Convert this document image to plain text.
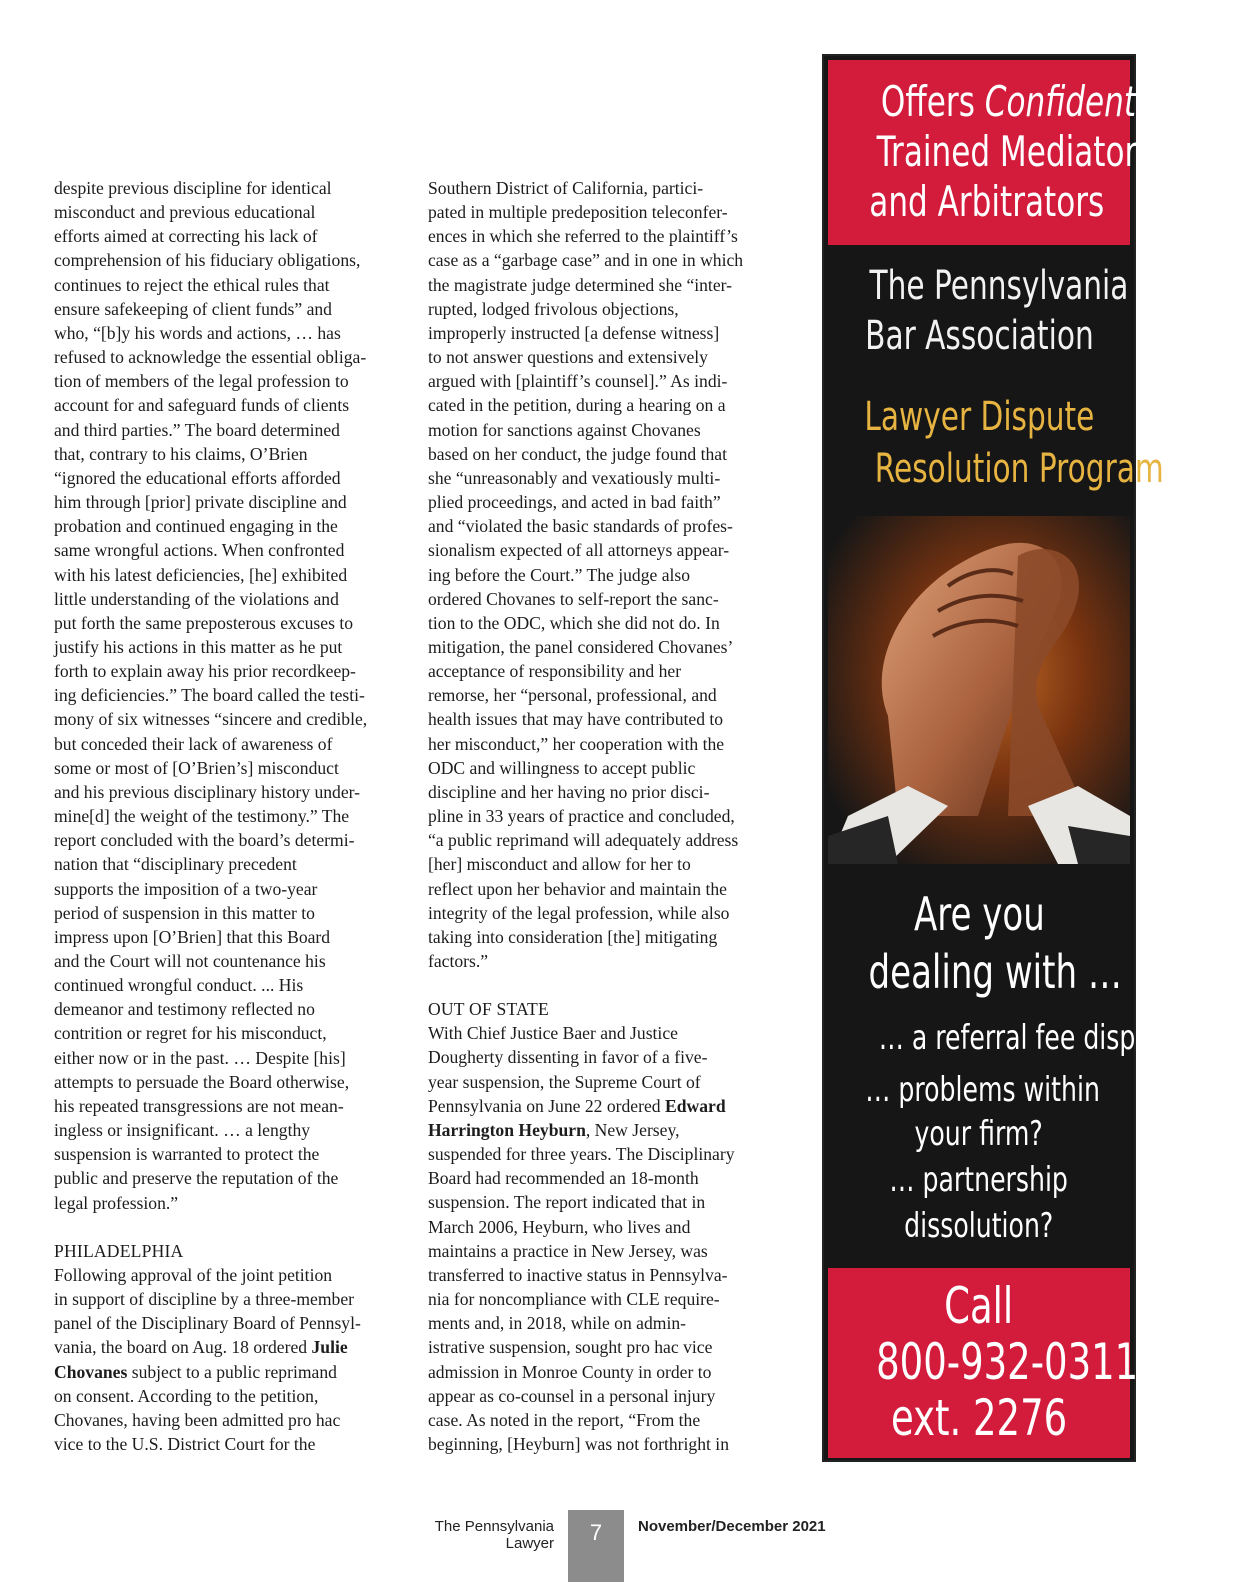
despite previous discipline for identical
misconduct and previous educational
efforts aimed at correcting his lack of
comprehension of his fiduciary obligations,
continues to reject the ethical rules that
ensure safekeeping of client funds” and
who, “[b]y his words and actions, … has
refused to acknowledge the essential obliga-
tion of members of the legal profession to
account for and safeguard funds of clients
and third parties.” The board determined
that, contrary to his claims, O’Brien
“ignored the educational efforts afforded
him through [prior] private discipline and
probation and continued engaging in the
same wrongful actions. When confronted
with his latest deficiencies, [he] exhibited
little understanding of the violations and
put forth the same preposterous excuses to
justify his actions in this matter as he put
forth to explain away his prior recordkeep-
ing deficiencies.” The board called the testi-
mony of six witnesses “sincere and credible,
but conceded their lack of awareness of
some or most of [O’Brien’s] misconduct
and his previous disciplinary history under-
mine[d] the weight of the testimony.” The
report concluded with the board’s determi-
nation that “disciplinary precedent
supports the imposition of a two-year
period of suspension in this matter to
impress upon [O’Brien] that this Board
and the Court will not countenance his
continued wrongful conduct. ... His
demeanor and testimony reflected no
contrition or regret for his misconduct,
either now or in the past. … Despite [his]
attempts to persuade the Board otherwise,
his repeated transgressions are not mean-
ingless or insignificant. … a lengthy
suspension is warranted to protect the
public and preserve the reputation of the
legal profession.”
PHILADELPHIA
Following approval of the joint petition
in support of discipline by a three-member
panel of the Disciplinary Board of Pennsyl-
vania, the board on Aug. 18 ordered Julie
Chovanes subject to a public reprimand
on consent. According to the petition,
Chovanes, having been admitted pro hac
vice to the U.S. District Court for the
Southern District of California, partici-
pated in multiple predeposition teleconfer-
ences in which she referred to the plaintiff’s
case as a “garbage case” and in one in which
the magistrate judge determined she “inter-
rupted, lodged frivolous objections,
improperly instructed [a defense witness]
to not answer questions and extensively
argued with [plaintiff’s counsel].” As indi-
cated in the petition, during a hearing on a
motion for sanctions against Chovanes
based on her conduct, the judge found that
she “unreasonably and vexatiously multi-
plied proceedings, and acted in bad faith”
and “violated the basic standards of profes-
sionalism expected of all attorneys appear-
ing before the Court.” The judge also
ordered Chovanes to self-report the sanc-
tion to the ODC, which she did not do. In
mitigation, the panel considered Chovanes’
acceptance of responsibility and her
remorse, her “personal, professional, and
health issues that may have contributed to
her misconduct,” her cooperation with the
ODC and willingness to accept public
discipline and her having no prior disci-
pline in 33 years of practice and concluded,
“a public reprimand will adequately address
[her] misconduct and allow for her to
reflect upon her behavior and maintain the
integrity of the legal profession, while also
taking into consideration [the] mitigating
factors.”
OUT OF STATE
With Chief Justice Baer and Justice
Dougherty dissenting in favor of a five-
year suspension, the Supreme Court of
Pennsylvania on June 22 ordered Edward
Harrington Heyburn, New Jersey,
suspended for three years. The Disciplinary
Board had recommended an 18-month
suspension. The report indicated that in
March 2006, Heyburn, who lives and
maintains a practice in New Jersey, was
transferred to inactive status in Pennsylva-
nia for noncompliance with CLE require-
ments and, in 2018, while on admin-
istrative suspension, sought pro hac vice
admission in Monroe County in order to
appear as co-counsel in a personal injury
case. As noted in the report, “From the
beginning, [Heyburn] was not forthright in
Offers Confidential,
Trained Mediators
and Arbitrators
The Pennsylvania
Bar Association
Lawyer Dispute
Resolution Program
Are you
dealing with …
… a referral fee dispute?
… problems within
your firm?
… partnership
dissolution?
Call
800-932-0311,
ext. 2276
The Pennsylvania Lawyer	7	November/December 2021
